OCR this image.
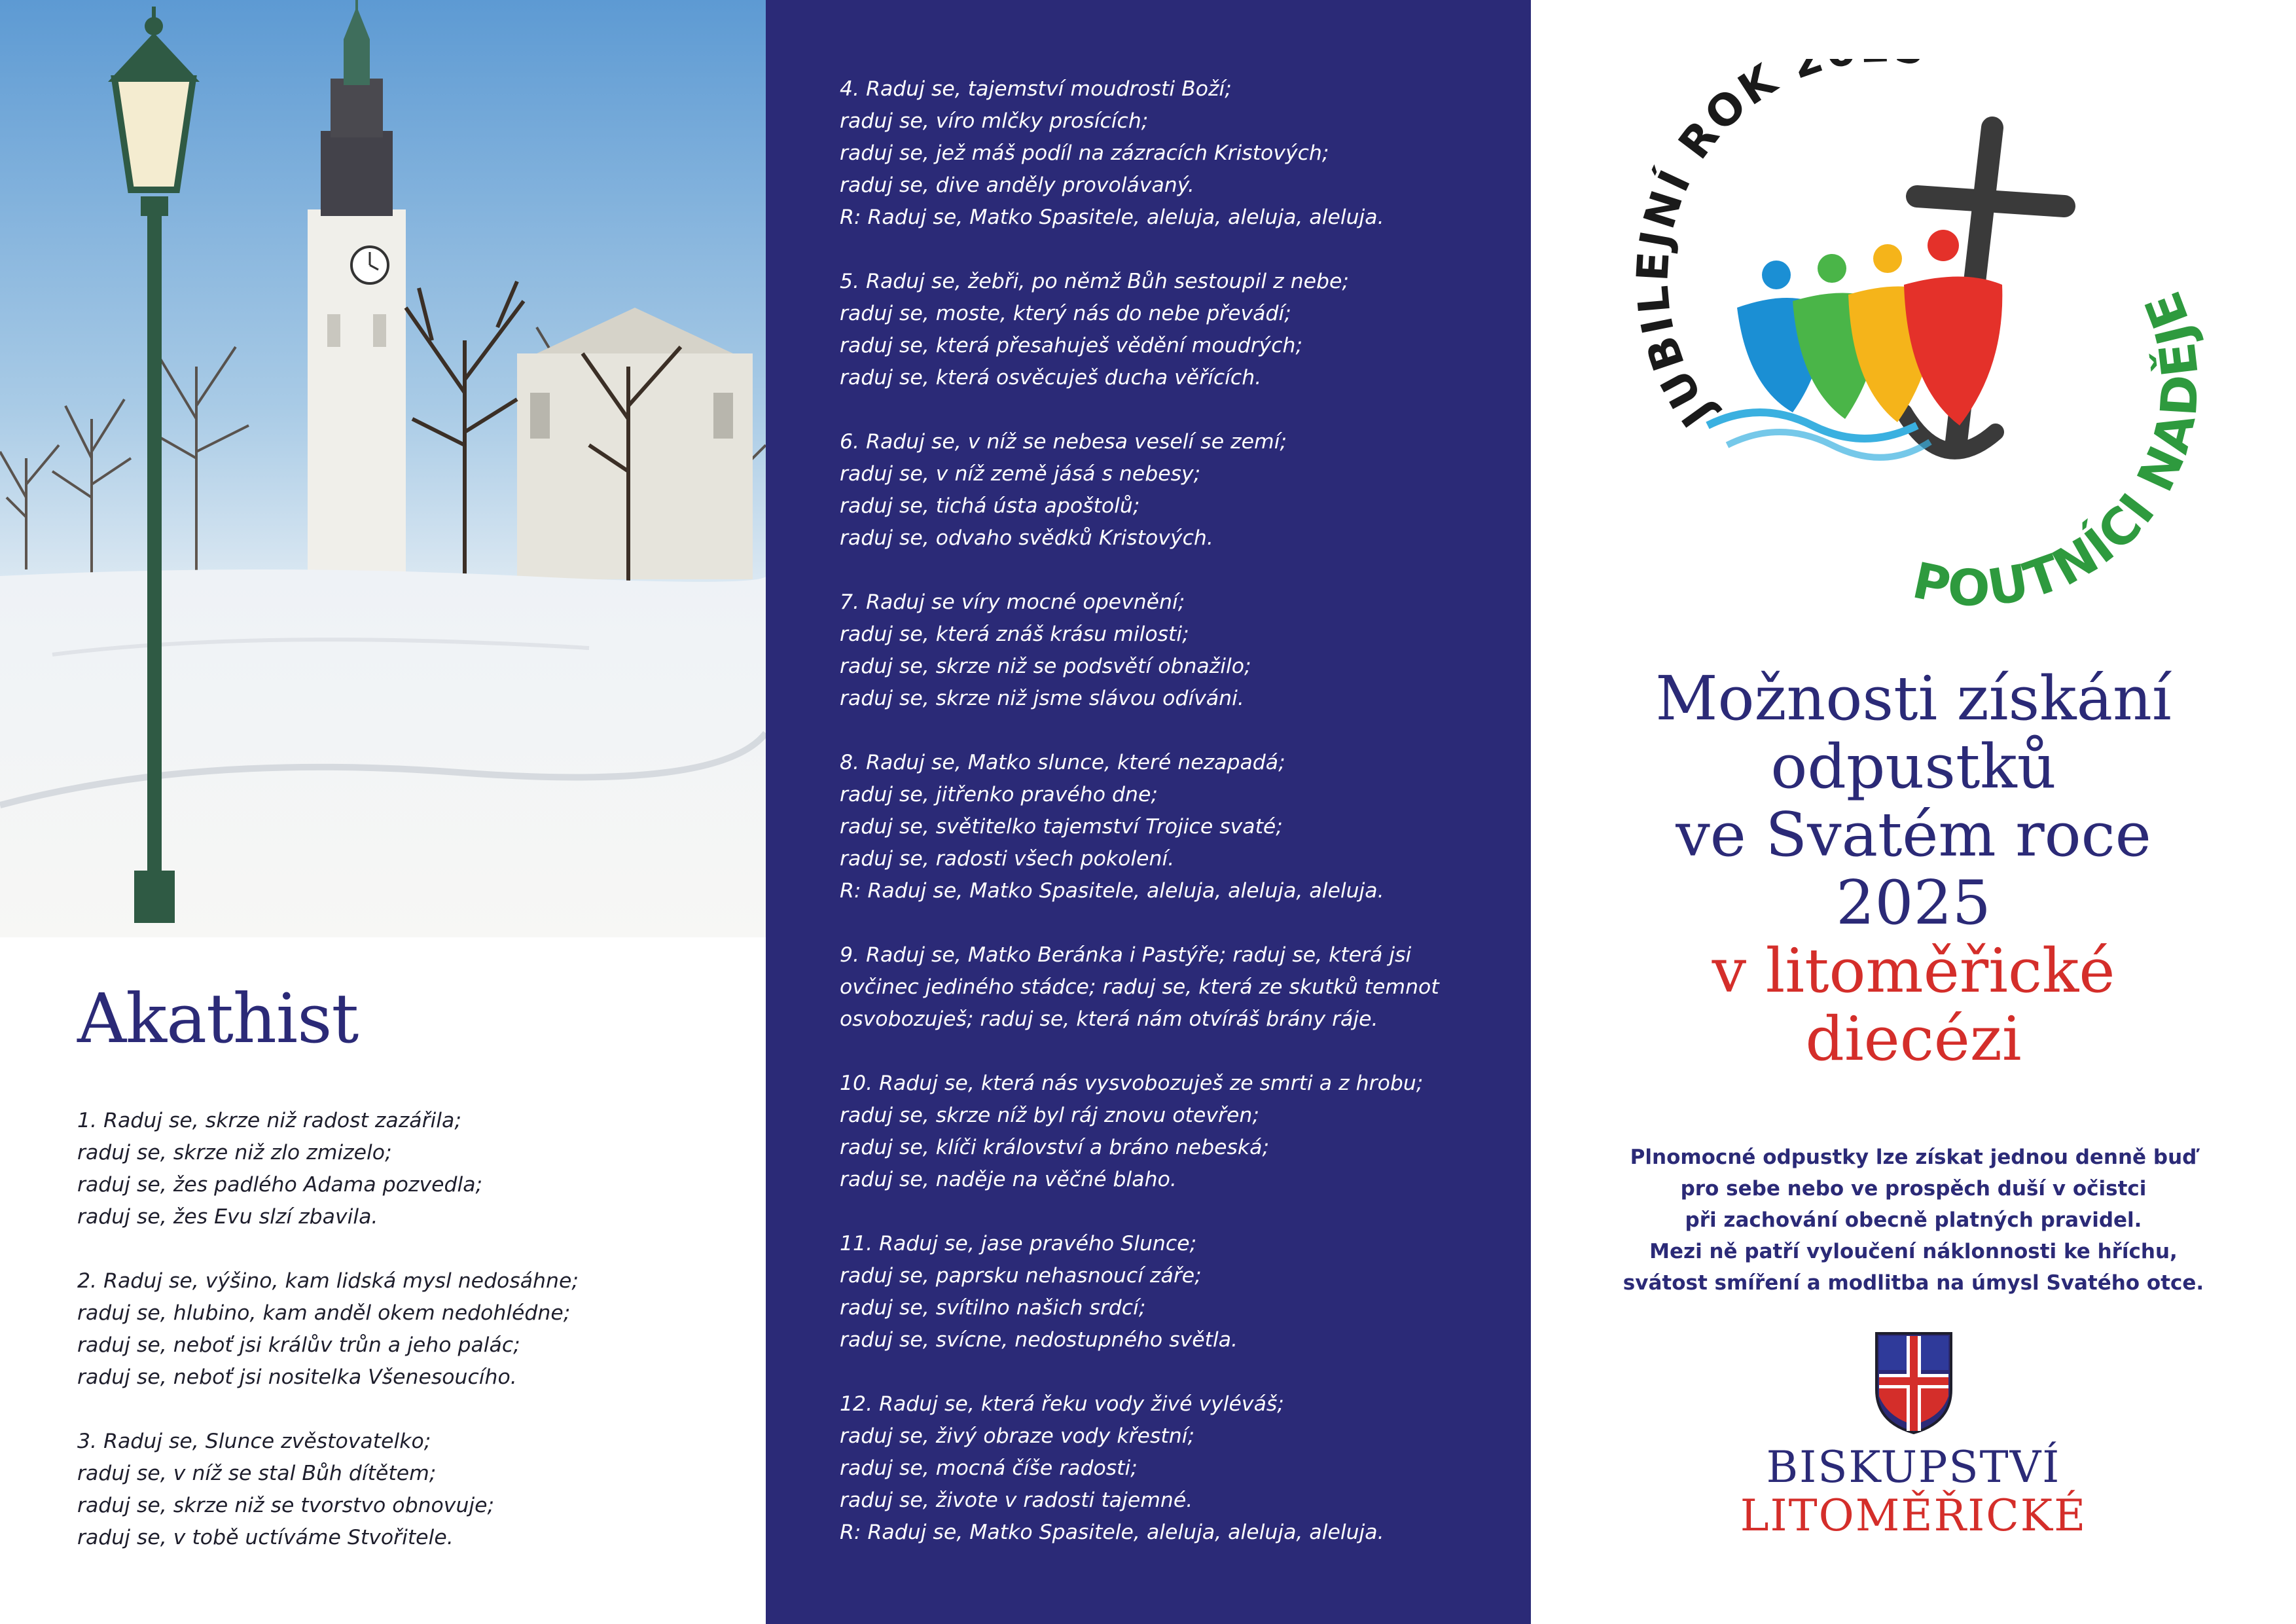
Akathist

1. Raduj se, skrze niž radost zazářila;
raduj se, skrze niž zlo zmizelo;
raduj se, žes padlého Adama pozvedla;
raduj se, žes Evu slzí zbavila.

2. Raduj se, výšino, kam lidská mysl nedosáhne;
raduj se, hlubino, kam anděl okem nedohlédne;
raduj se, neboť jsi králův trůn a jeho palác;
raduj se, neboť jsi nositelka Všenesoucího.

3. Raduj se, Slunce zvěstovatelko;
raduj se, v níž se stal Bůh dítětem;
raduj se, skrze niž se tvorstvo obnovuje;
raduj se, v tobě uctíváme Stvořitele.

4. Raduj se, tajemství moudrosti Boží;
raduj se, víro mlčky prosících;
raduj se, jež máš podíl na zázracích Kristových;
raduj se, dive anděly provolávaný.
R: Raduj se, Matko Spasitele, aleluja, aleluja, aleluja.

5. Raduj se, žebři, po němž Bůh sestoupil z nebe;
raduj se, moste, který nás do nebe převádí;
raduj se, která přesahuješ vědění moudrých;
raduj se, která osvěcuješ ducha věřících.

6. Raduj se, v níž se nebesa veselí se zemí;
raduj se, v níž země jásá s nebesy;
raduj se, tichá ústa apoštolů;
raduj se, odvaho svědků Kristových.

7. Raduj se víry mocné opevnění;
raduj se, která znáš krásu milosti;
raduj se, skrze niž se podsvětí obnažilo;
raduj se, skrze niž jsme slávou odíváni.

8. Raduj se, Matko slunce, které nezapadá;
raduj se, jitřenko pravého dne;
raduj se, světitelko tajemství Trojice svaté;
raduj se, radosti všech pokolení.
R: Raduj se, Matko Spasitele, aleluja, aleluja, aleluja.

9. Raduj se, Matko Beránka i Pastýře; raduj se, která jsi
ovčinec jediného stádce; raduj se, která ze skutků temnot
osvobozuješ; raduj se, která nám otvíráš brány ráje.

10. Raduj se, která nás vysvobozuješ ze smrti a z hrobu;
raduj se, skrze níž byl ráj znovu otevřen;
raduj se, klíči království a bráno nebeská;
raduj se, naděje na věčné blaho.

11. Raduj se, jase pravého Slunce;
raduj se, paprsku nehasnoucí záře;
raduj se, svítilno našich srdcí;
raduj se, svícne, nedostupného světla.

12. Raduj se, která řeku vody živé vyléváš;
raduj se, živý obraze vody křestní;
raduj se, mocná číše radosti;
raduj se, živote v radosti tajemné.
R: Raduj se, Matko Spasitele, aleluja, aleluja, aleluja.

JUBILEJNÍ ROK 2
POUTNÍCI NADĚJE
Možnosti získání
odpustků
ve Svatém roce
2025
v litoměřické
diecézi
Plnomocné odpustky lze získat jednou denně buď
pro sebe nebo ve prospěch duší v očistci
při zachování obecně platných pravidel.
Mezi ně patří vyloučení náklonnosti ke hříchu,
svátost smíření a modlitba na úmysl Svatého otce.
BISKUPSTVÍ
LITOMĚŘICKÉ
